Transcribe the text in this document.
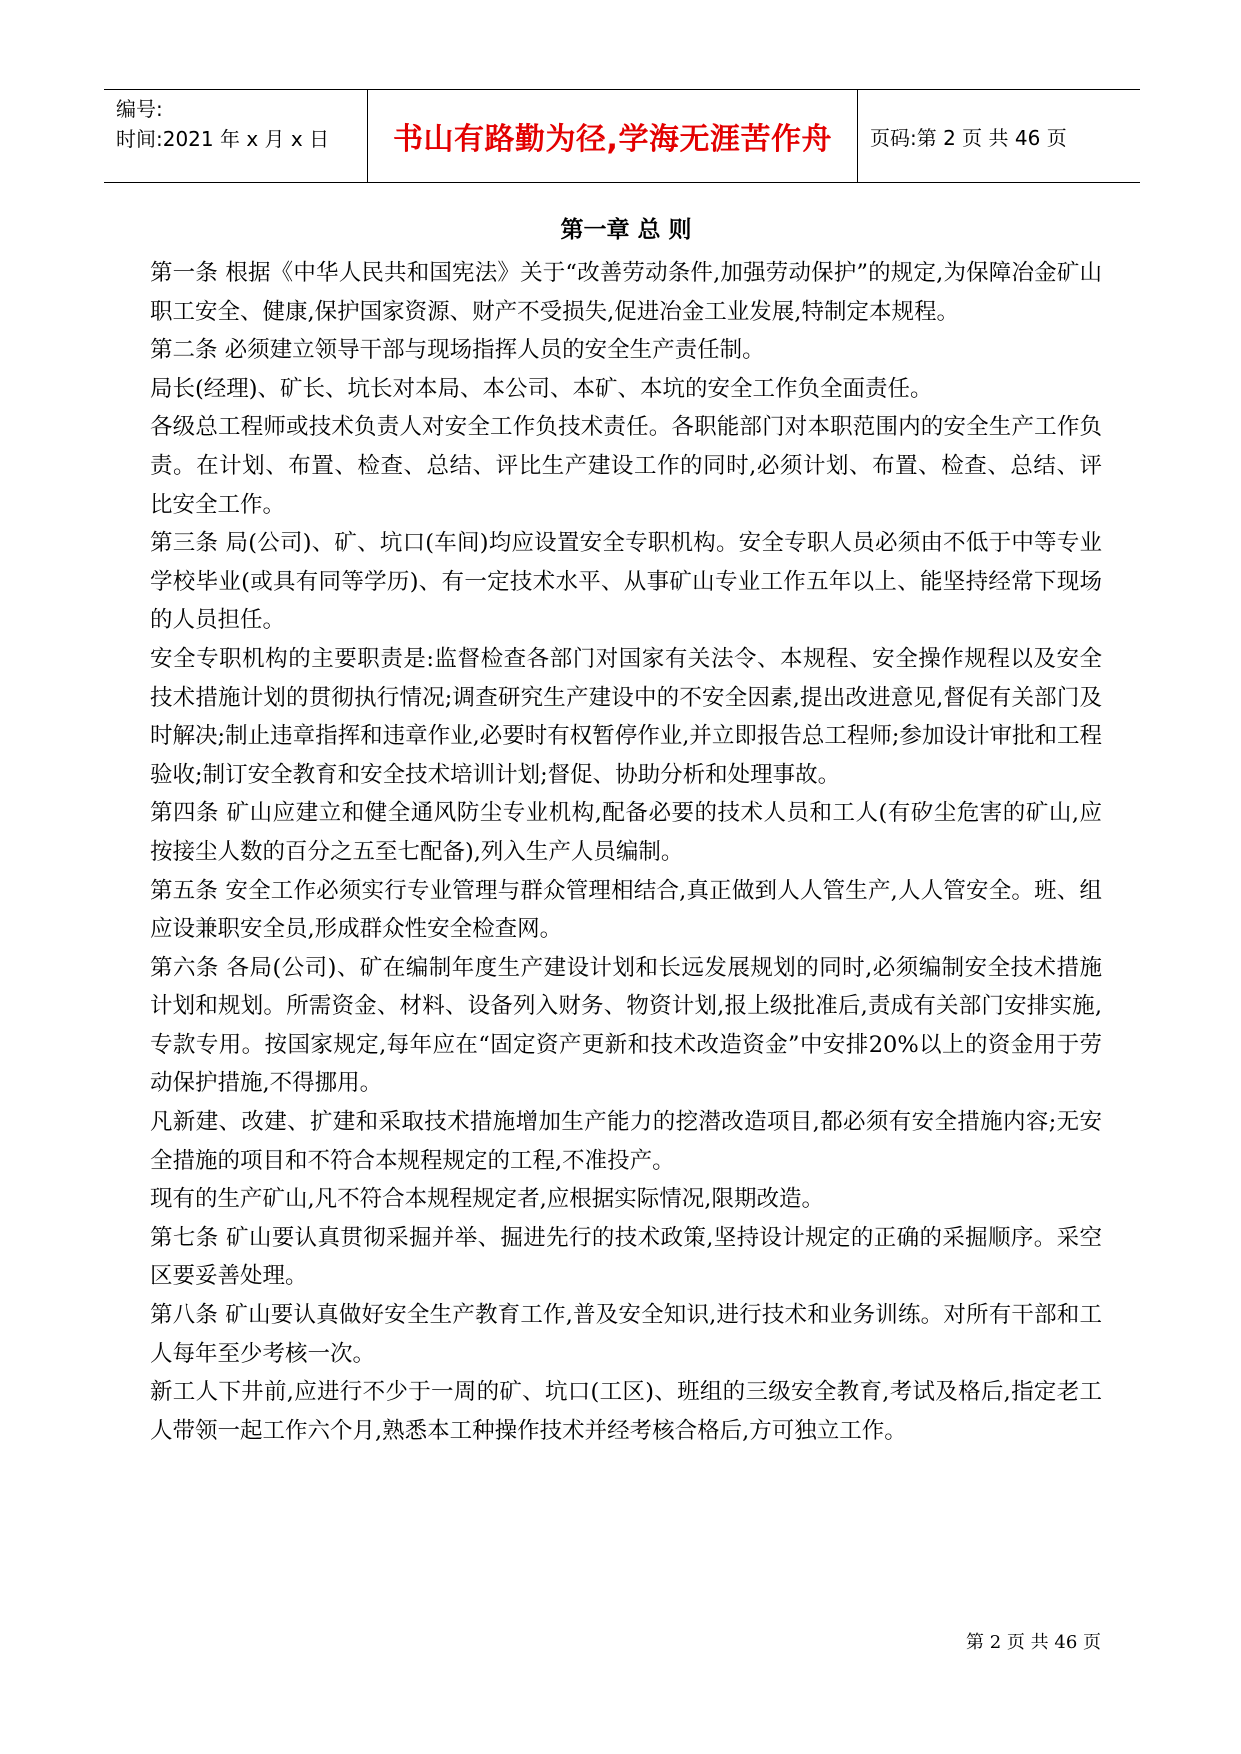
编号:
时间:2021 年 x 月 x 日	书山有路勤为径,学海无涯苦作舟 页码:第 2 页 共 46 页
第一章 总 则

第一条 根据《中华人民共和国宪法》关于“改善劳动条件,加强劳动保护”的规定,为保障冶金矿山职工安全、健康,保护国家资源、财产不受损失,促进冶金工业发展,特制定本规程。

第二条 必须建立领导干部与现场指挥人员的安全生产责任制。

局长(经理)、矿长、坑长对本局、本公司、本矿、本坑的安全工作负全面责任。

各级总工程师或技术负责人对安全工作负技术责任。各职能部门对本职范围内的安全生产工作负责。在计划、布置、检查、总结、评比生产建设工作的同时,必须计划、布置、检查、总结、评比安全工作。

第三条 局(公司)、矿、坑口(车间)均应设置安全专职机构。安全专职人员必须由不低于中等专业学校毕业(或具有同等学历)、有一定技术水平、从事矿山专业工作五年以上、能坚持经常下现场的人员担任。

安全专职机构的主要职责是:监督检查各部门对国家有关法令、本规程、安全操作规程以及安全技术措施计划的贯彻执行情况;调查研究生产建设中的不安全因素,提出改进意见,督促有关部门及时解决;制止违章指挥和违章作业,必要时有权暂停作业,并立即报告总工程师;参加设计审批和工程验收;制订安全教育和安全技术培训计划;督促、协助分析和处理事故。

第四条 矿山应建立和健全通风防尘专业机构,配备必要的技术人员和工人(有矽尘危害的矿山,应按接尘人数的百分之五至七配备),列入生产人员编制。

第五条 安全工作必须实行专业管理与群众管理相结合,真正做到人人管生产,人人管安全。班、组应设兼职安全员,形成群众性安全检查网。

第六条 各局(公司)、矿在编制年度生产建设计划和长远发展规划的同时,必须编制安全技术措施计划和规划。所需资金、材料、设备列入财务、物资计划,报上级批准后,责成有关部门安排实施,专款专用。按国家规定,每年应在“固定资产更新和技术改造资金”中安排20%以上的资金用于劳动保护措施,不得挪用。

凡新建、改建、扩建和采取技术措施增加生产能力的挖潜改造项目,都必须有安全措施内容;无安全措施的项目和不符合本规程规定的工程,不准投产。

现有的生产矿山,凡不符合本规程规定者,应根据实际情况,限期改造。

第七条 矿山要认真贯彻采掘并举、掘进先行的技术政策,坚持设计规定的正确的采掘顺序。采空区要妥善处理。

第八条 矿山要认真做好安全生产教育工作,普及安全知识,进行技术和业务训练。对所有干部和工人每年至少考核一次。

新工人下井前,应进行不少于一周的矿、坑口(工区)、班组的三级安全教育,考试及格后,指定老工人带领一起工作六个月,熟悉本工种操作技术并经考核合格后,方可独立工作。

第 2 页 共 46 页
